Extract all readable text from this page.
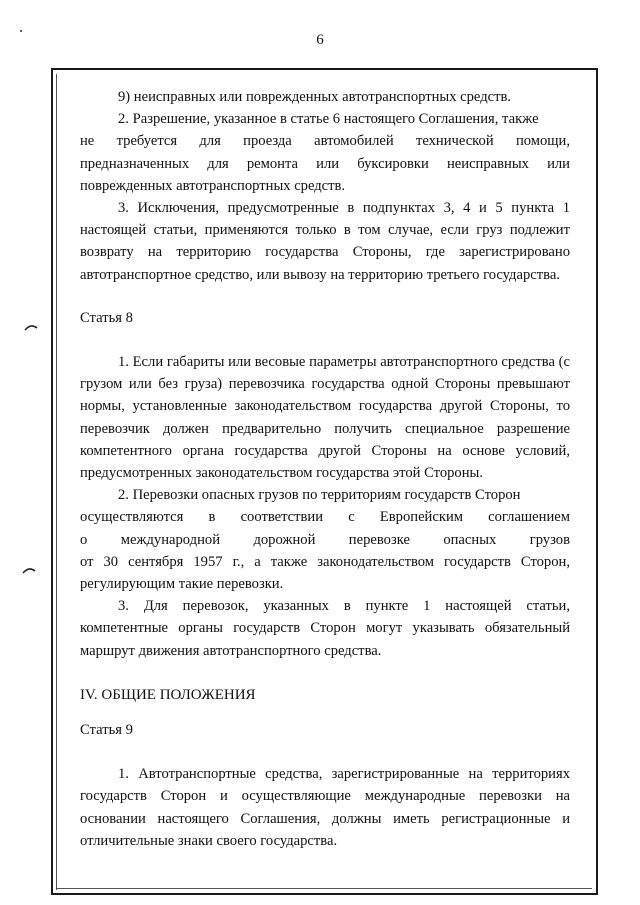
6

9) неисправных или поврежденных автотранспортных средств.

2. Разрешение, указанное в статье 6 настоящего Соглашения, также

не требуется для проезда автомобилей технической помощи,

предназначенных для ремонта или буксировки неисправных или поврежденных автотранспортных средств.

3. Исключения, предусмотренные в подпунктах 3, 4 и 5 пункта 1 настоящей статьи, применяются только в том случае, если груз подлежит возврату на территорию государства Стороны, где зарегистрировано автотранспортное средство, или вывозу на территорию третьего государства.

Статья 8

1. Если габариты или весовые параметры автотранспортного средства (с грузом или без груза) перевозчика государства одной Стороны превышают нормы, установленные законодательством государства другой Стороны, то перевозчик должен предварительно получить специальное разрешение компетентного органа государства другой Стороны на основе условий, предусмотренных законодательством государства этой Стороны.

2. Перевозки опасных грузов по территориям государств Сторон

осуществляются в соответствии с Европейским соглашением
о международной дорожной перевозке опасных грузов

от 30 сентября 1957 г., а также законодательством государств Сторон, регулирующим такие перевозки.

3. Для перевозок, указанных в пункте 1 настоящей статьи, компетентные органы государств Сторон могут указывать обязательный маршрут движения автотранспортного средства.

IV. ОБЩИЕ ПОЛОЖЕНИЯ

Статья 9

1. Автотранспортные средства, зарегистрированные на территориях государств Сторон и осуществляющие международные перевозки на основании настоящего Соглашения, должны иметь регистрационные и отличительные знаки своего государства.
